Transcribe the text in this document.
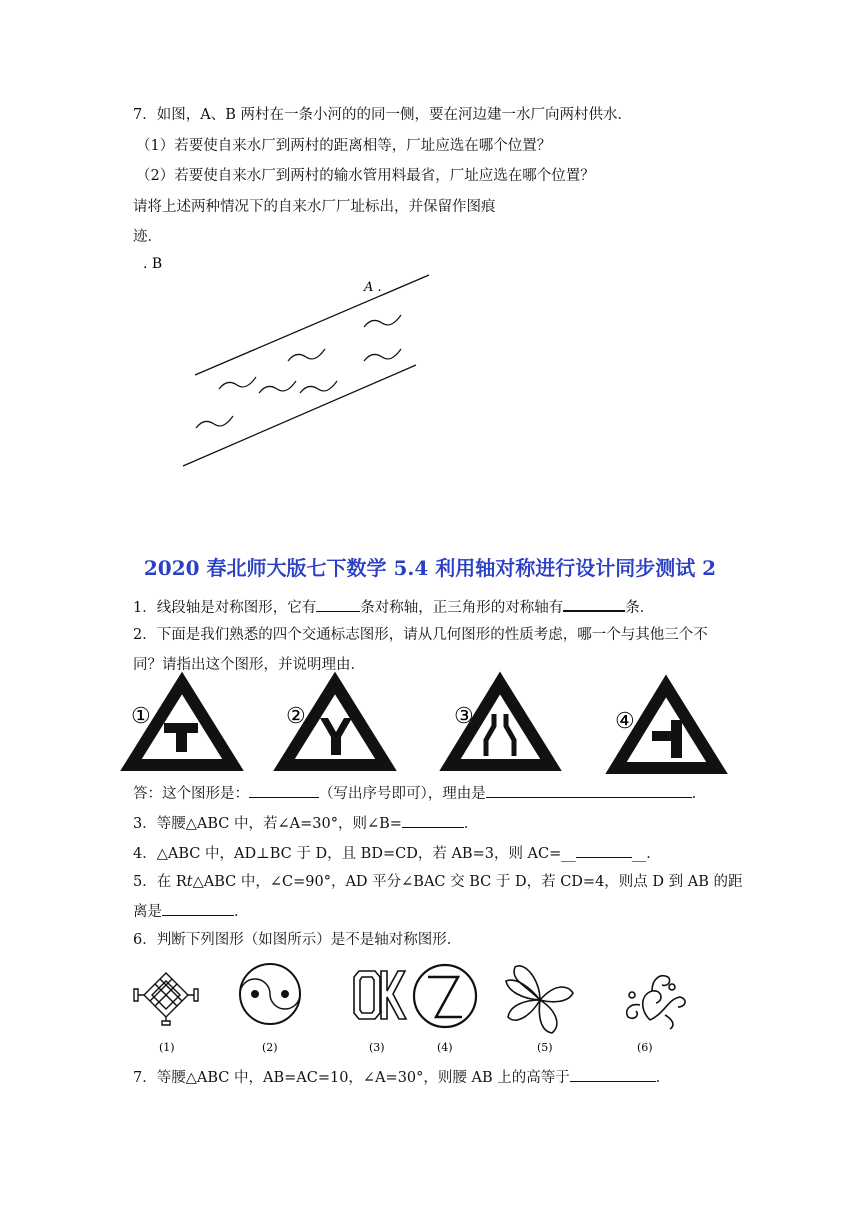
7．如图，A、B 两村在一条小河的的同一侧，要在河边建一水厂向两村供水．
（1）若要使自来水厂到两村的距离相等，厂址应选在哪个位置？
（2）若要使自来水厂到两村的输水管用料最省，厂址应选在哪个位置？
请将上述两种情况下的自来水厂厂址标出，并保留作图痕
迹．
. B
A .
2020 春北师大版七下数学 5.4 利用轴对称进行设计同步测试 2
1．线段轴是对称图形，它有	条对称轴，正三角形的对称轴有	条．
2．下面是我们熟悉的四个交通标志图形，请从几何图形的性质考虑，哪一个与其他三个不
同？请指出这个图形，并说明理由．
①	②	③	④
答：这个图形是：	（写出序号即可），理由是	．
3．等腰△ABC 中，若∠A=30°，则∠B=	．
4．△ABC 中，AD⊥BC 于 D，且 BD=CD，若 AB=3，则 AC=__	__．
5．在 Rt△ABC 中，∠C=90°，AD 平分∠BAC 交 BC 于 D，若 CD=4，则点 D 到 AB 的距
离是	．
6．判断下列图形（如图所示）是不是轴对称图形．
(1)	(2)	(3)	(4)	(5)	(6)
7．等腰△ABC 中，AB=AC=10，∠A=30°，则腰 AB 上的高等于	．
